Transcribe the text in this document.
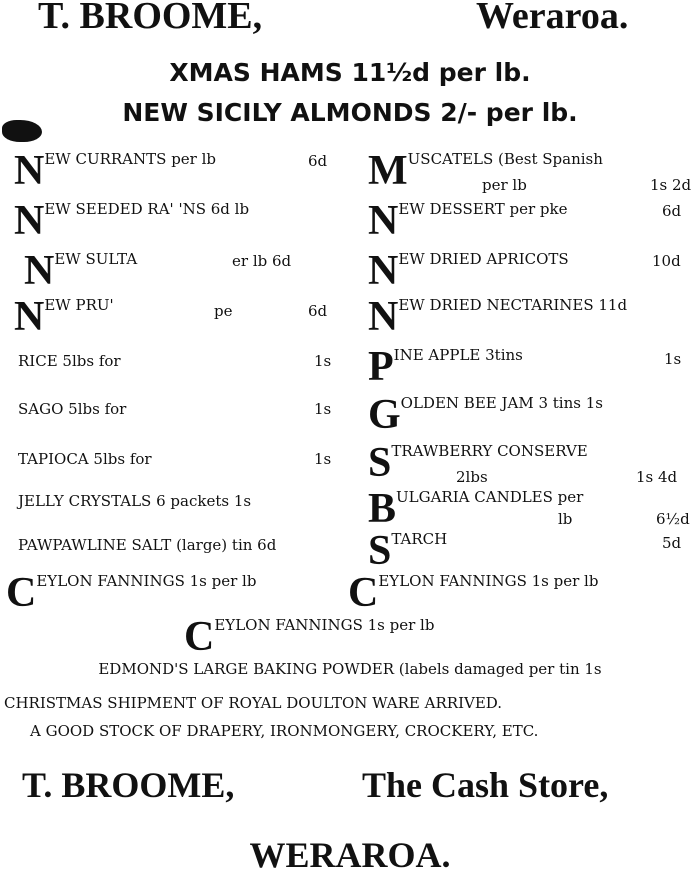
T. BROOME,	Weraroa.
XMAS HAMS 11½d per lb.
NEW SICILY ALMONDS 2/- per lb.
NEW CURRANTS per lb	6d
NEW SEEDED RA' 'NS 6d lb
NEW SULTA	er lb 6d
NEW PRU'	pe	6d
RICE 5lbs for	1s
SAGO 5lbs for	1s
TAPIOCA 5lbs for	1s
JELLY CRYSTALS 6 packets 1s
PAWPAWLINE SALT (large) tin 6d
CEYLON FANNINGS 1s per lb
MUSCATELS (Best Spanish
per lb	1s 2d
NEW DESSERT per pke	6d
NEW DRIED APRICOTS	10d
NEW DRIED NECTARINES 11d
PINE APPLE 3tins	1s
GOLDEN BEE JAM 3 tins 1s
STRAWBERRY CONSERVE
2lbs	1s 4d
BULGARIA CANDLES per
lb	6½d
STARCH	5d
CEYLON FANNINGS 1s per lb
CEYLON FANNINGS 1s per lb
EDMOND'S LARGE BAKING POWDER (labels damaged per tin 1s
CHRISTMAS SHIPMENT OF ROYAL DOULTON WARE ARRIVED.
A GOOD STOCK OF DRAPERY, IRONMONGERY, CROCKERY, ETC.
T. BROOME,	The Cash Store,
WERAROA.
